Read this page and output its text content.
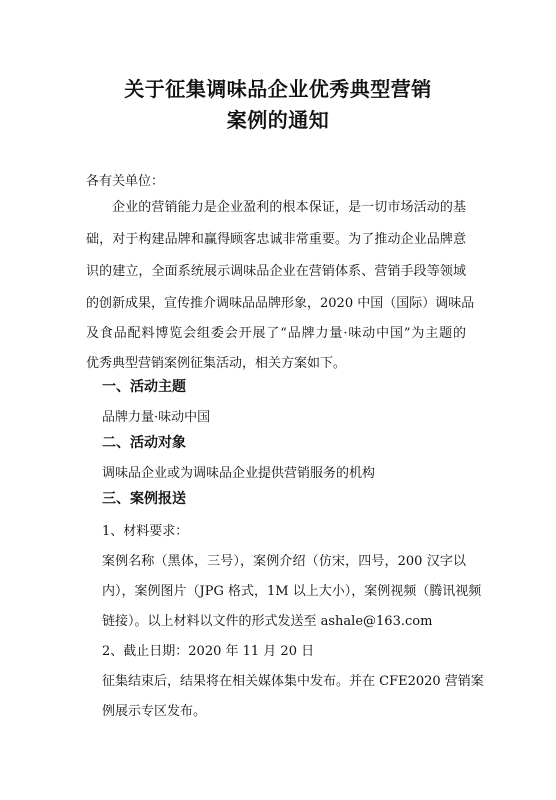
关于征集调味品企业优秀典型营销
案例的通知

各有关单位：

企业的营销能力是企业盈利的根本保证，是一切市场活动的基
础，对于构建品牌和赢得顾客忠诚非常重要。为了推动企业品牌意
识的建立，全面系统展示调味品企业在营销体系、营销手段等领域
的创新成果，宣传推介调味品品牌形象，2020 中国（国际）调味品
及食品配料博览会组委会开展了“品牌力量·味动中国”为主题的
优秀典型营销案例征集活动，相关方案如下。
一、活动主题
品牌力量·味动中国
二、活动对象
调味品企业或为调味品企业提供营销服务的机构
三、案例报送
1、材料要求：
案例名称（黑体，三号），案例介绍（仿宋，四号，200 汉字以
内），案例图片（JPG 格式，1M 以上大小），案例视频（腾讯视频
链接）。以上材料以文件的形式发送至 ashale@163.com
2、截止日期：2020 年 11 月 20 日
征集结束后，结果将在相关媒体集中发布。并在 CFE2020 营销案
例展示专区发布。
